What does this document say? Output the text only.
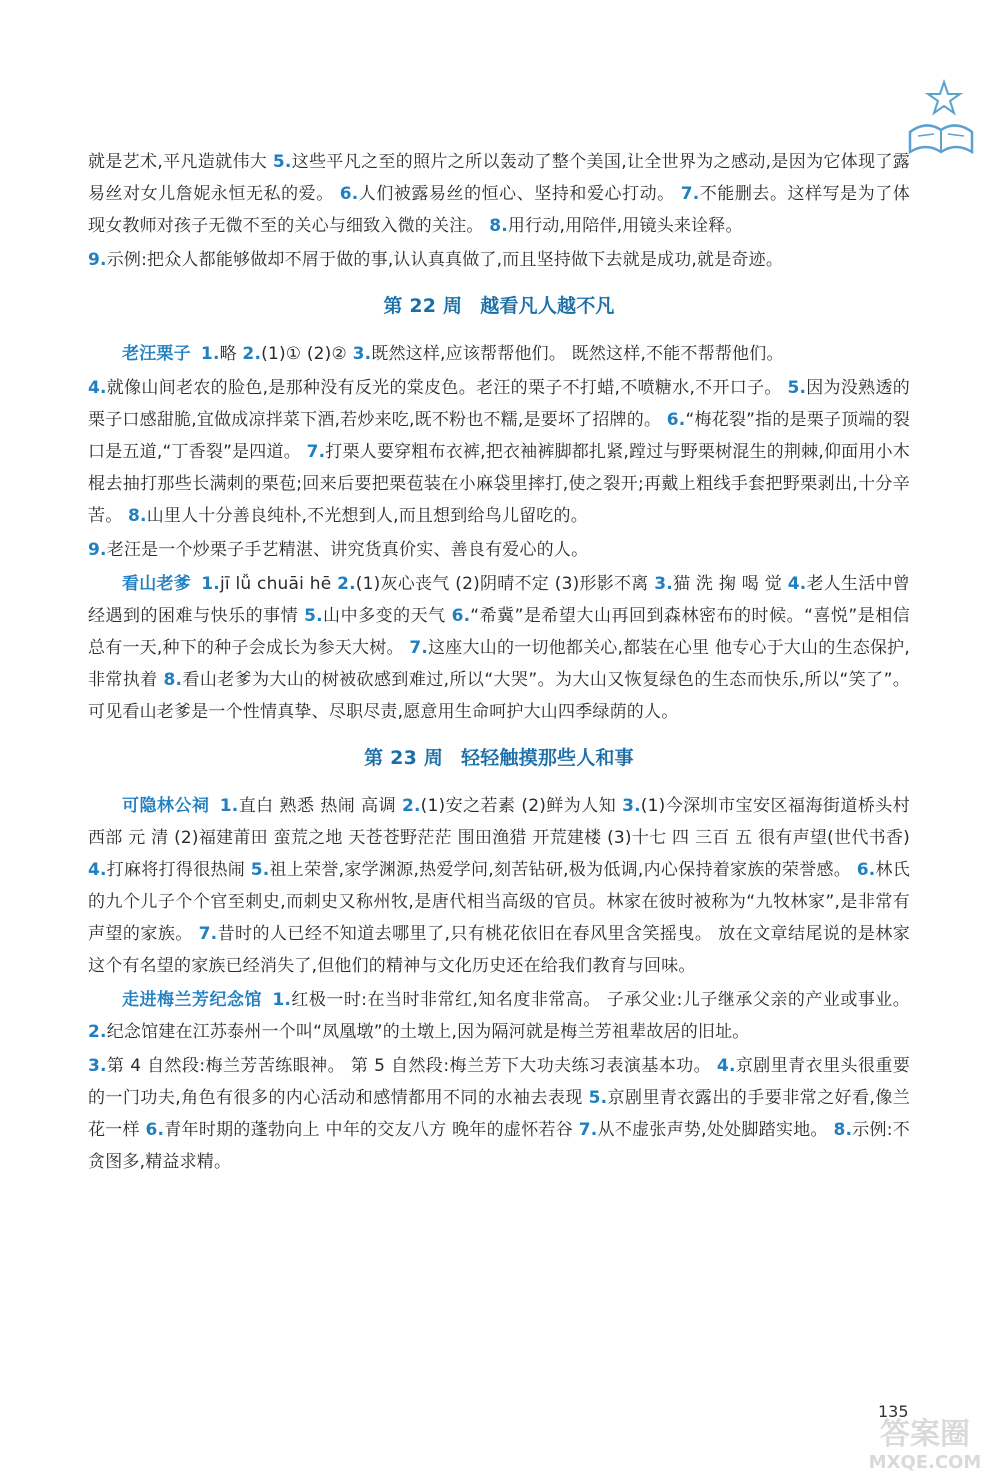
就是艺术,平凡造就伟大 5.这些平凡之至的照片之所以轰动了整个美国,让全世界为之感动,是因为它体现了露易丝对女儿詹妮永恒无私的爱。 6.人们被露易丝的恒心、坚持和爱心打动。 7.不能删去。这样写是为了体现女教师对孩子无微不至的关心与细致入微的关注。 8.用行动,用陪伴,用镜头来诠释。

9.示例:把众人都能够做却不屑于做的事,认认真真做了,而且坚持做下去就是成功,就是奇迹。

第 22 周 越看凡人越不凡

老汪栗子 1.略 2.(1)① (2)② 3.既然这样,应该帮帮他们。 既然这样,不能不帮帮他们。

4.就像山间老农的脸色,是那种没有反光的棠皮色。老汪的栗子不打蜡,不喷糖水,不开口子。 5.因为没熟透的栗子口感甜脆,宜做成凉拌菜下酒,若炒来吃,既不粉也不糯,是要坏了招牌的。 6.“梅花裂”指的是栗子顶端的裂口是五道,“丁香裂”是四道。 7.打栗人要穿粗布衣裤,把衣袖裤脚都扎紧,蹚过与野栗树混生的荆棘,仰面用小木棍去抽打那些长满刺的栗苞;回来后要把栗苞装在小麻袋里摔打,使之裂开;再戴上粗线手套把野栗剥出,十分辛苦。 8.山里人十分善良纯朴,不光想到人,而且想到给鸟儿留吃的。

9.老汪是一个炒栗子手艺精湛、讲究货真价实、善良有爱心的人。

看山老爹 1.jī lǚ chuāi hē 2.(1)灰心丧气 (2)阴晴不定 (3)形影不离 3.猫 洗 掬 喝 觉 4.老人生活中曾经遇到的困难与快乐的事情 5.山中多变的天气 6.“希冀”是希望大山再回到森林密布的时候。“喜悦”是相信总有一天,种下的种子会成长为参天大树。 7.这座大山的一切他都关心,都装在心里 他专心于大山的生态保护,非常执着 8.看山老爹为大山的树被砍感到难过,所以“大哭”。为大山又恢复绿色的生态而快乐,所以“笑了”。可见看山老爹是一个性情真挚、尽职尽责,愿意用生命呵护大山四季绿荫的人。

第 23 周 轻轻触摸那些人和事

可隐林公祠 1.直白 熟悉 热闹 高调 2.(1)安之若素 (2)鲜为人知 3.(1)今深圳市宝安区福海街道桥头村西部 元 清 (2)福建莆田 蛮荒之地 天苍苍野茫茫 围田渔猎 开荒建楼 (3)十七 四 三百 五 很有声望(世代书香) 4.打麻将打得很热闹 5.祖上荣誉,家学渊源,热爱学问,刻苦钻研,极为低调,内心保持着家族的荣誉感。 6.林氏的九个儿子个个官至刺史,而刺史又称州牧,是唐代相当高级的官员。林家在彼时被称为“九牧林家”,是非常有声望的家族。 7.昔时的人已经不知道去哪里了,只有桃花依旧在春风里含笑摇曳。 放在文章结尾说的是林家这个有名望的家族已经消失了,但他们的精神与文化历史还在给我们教育与回味。

走进梅兰芳纪念馆 1.红极一时:在当时非常红,知名度非常高。 子承父业:儿子继承父亲的产业或事业。 2.纪念馆建在江苏泰州一个叫“凤凰墩”的土墩上,因为隔河就是梅兰芳祖辈故居的旧址。

3.第 4 自然段:梅兰芳苦练眼神。 第 5 自然段:梅兰芳下大功夫练习表演基本功。 4.京剧里青衣里头很重要的一门功夫,角色有很多的内心活动和感情都用不同的水袖去表现 5.京剧里青衣露出的手要非常之好看,像兰花一样 6.青年时期的蓬勃向上 中年的交友八方 晚年的虚怀若谷 7.从不虚张声势,处处脚踏实地。 8.示例:不贪图多,精益求精。

135
答案圈
MXQE.COM
